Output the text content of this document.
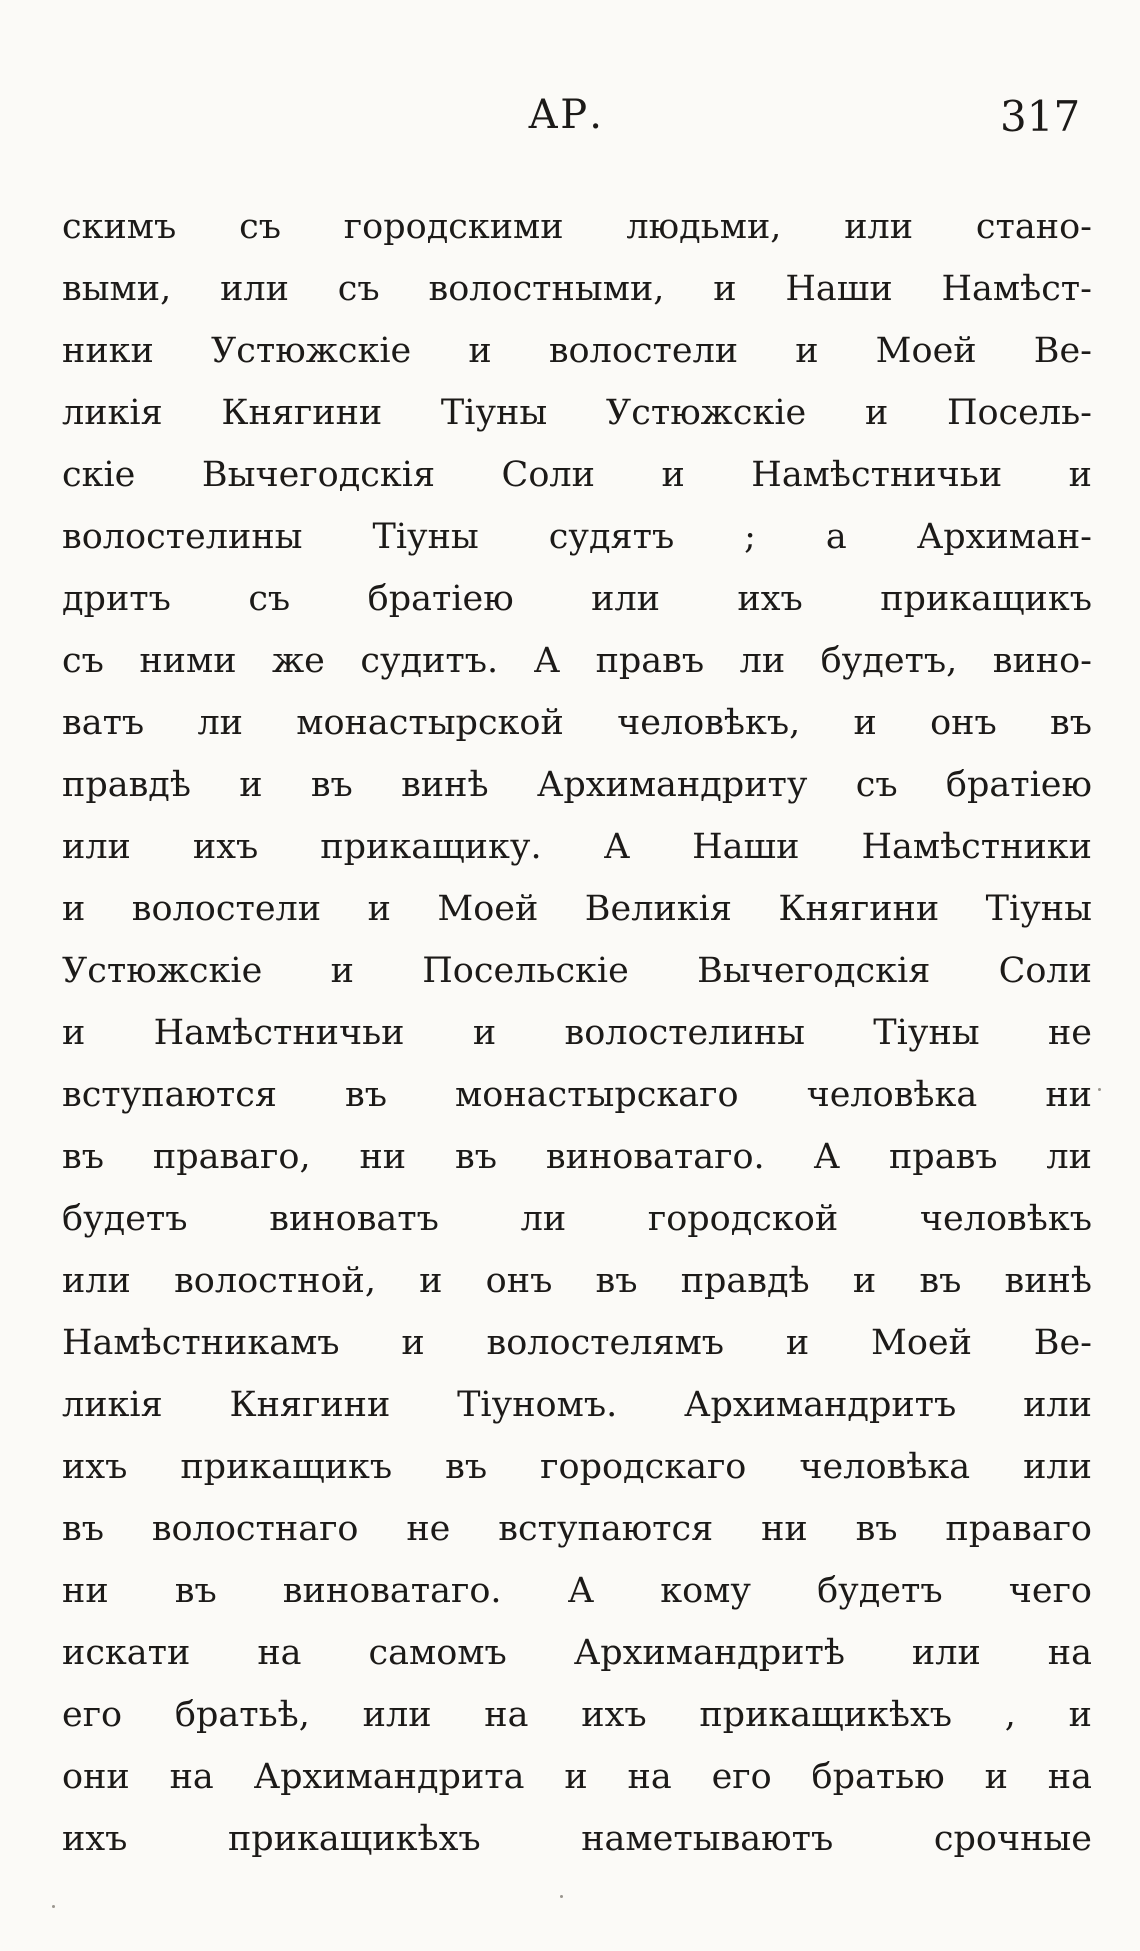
АР.	317
скимъ съ городскими людьми, или стано-
выми, или съ волостными, и Наши Намѣст-
ники Устюжскіе и волостели и Моей Ве-
ликія Княгини Тіуны Устюжскіе и Посель-
скіе Вычегодскія Соли и Намѣстничьи и
волостелины Тіуны судятъ ; а Архиман-
дритъ съ братіею или ихъ прикащикъ
съ ними же судитъ. А правъ ли будетъ, вино-
ватъ ли монастырской человѣкъ, и онъ въ
правдѣ и въ винѣ Архимандриту съ братіею
или ихъ прикащику. А Наши Намѣстники
и волостели и Моей Великія Княгини Тіуны
Устюжскіе и Посельскіе Вычегодскія Соли
и Намѣстничьи и волостелины Тіуны не
вступаются въ монастырскаго человѣка ни
въ праваго, ни въ виноватаго. А правъ ли
будетъ виноватъ ли городской человѣкъ
или волостной, и онъ въ правдѣ и въ винѣ
Намѣстникамъ и волостелямъ и Моей Ве-
ликія Княгини Тіуномъ. Архимандритъ или
ихъ прикащикъ въ городскаго человѣка или
въ волостнаго не вступаются ни въ праваго
ни въ виноватаго. А кому будетъ чего
искати на самомъ Архимандритѣ или на
его братьѣ, или на ихъ прикащикѣхъ , и
они на Архимандрита и на его братью и на
ихъ прикащикѣхъ наметываютъ срочные
